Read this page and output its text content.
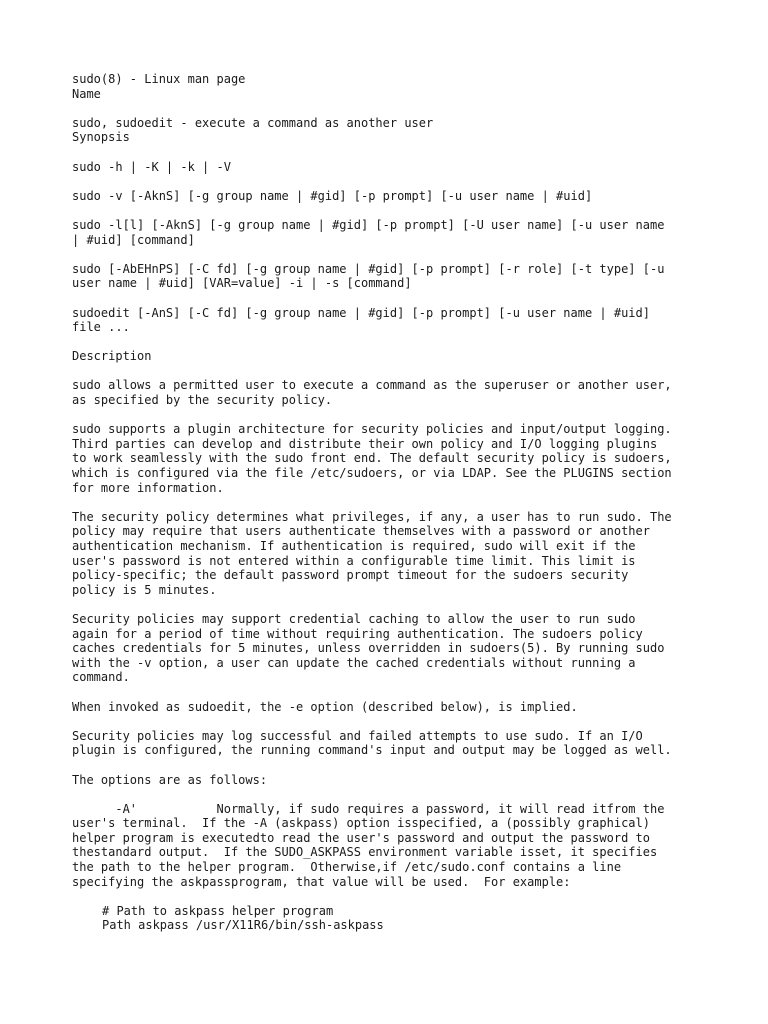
sudo(8) - Linux man page
Name
sudo, sudoedit - execute a command as another user
Synopsis
sudo -h | -K | -k | -V
sudo -v [-AknS] [-g group name | #gid] [-p prompt] [-u user name | #uid]
sudo -l[l] [-AknS] [-g group name | #gid] [-p prompt] [-U user name] [-u user name
| #uid] [command]
sudo [-AbEHnPS] [-C fd] [-g group name | #gid] [-p prompt] [-r role] [-t type] [-u
user name | #uid] [VAR=value] -i | -s [command]
sudoedit [-AnS] [-C fd] [-g group name | #gid] [-p prompt] [-u user name | #uid]
file ...
Description
sudo allows a permitted user to execute a command as the superuser or another user,
as specified by the security policy.
sudo supports a plugin architecture for security policies and input/output logging.
Third parties can develop and distribute their own policy and I/O logging plugins
to work seamlessly with the sudo front end. The default security policy is sudoers,
which is configured via the file /etc/sudoers, or via LDAP. See the PLUGINS section
for more information.
The security policy determines what privileges, if any, a user has to run sudo. The
policy may require that users authenticate themselves with a password or another
authentication mechanism. If authentication is required, sudo will exit if the
user's password is not entered within a configurable time limit. This limit is
policy-specific; the default password prompt timeout for the sudoers security
policy is 5 minutes.
Security policies may support credential caching to allow the user to run sudo
again for a period of time without requiring authentication. The sudoers policy
caches credentials for 5 minutes, unless overridden in sudoers(5). By running sudo
with the -v option, a user can update the cached credentials without running a
command.
When invoked as sudoedit, the -e option (described below), is implied.
Security policies may log successful and failed attempts to use sudo. If an I/O
plugin is configured, the running command's input and output may be logged as well.
The options are as follows:
-A'           Normally, if sudo requires a password, it will read itfrom the
user's terminal.  If the -A (askpass) option isspecified, a (possibly graphical)
helper program is executedto read the user's password and output the password to
thestandard output.  If the SUDO_ASKPASS environment variable isset, it specifies
the path to the helper program.  Otherwise,if /etc/sudo.conf contains a line
specifying the askpassprogram, that value will be used.  For example:
# Path to askpass helper program
Path askpass /usr/X11R6/bin/ssh-askpass
